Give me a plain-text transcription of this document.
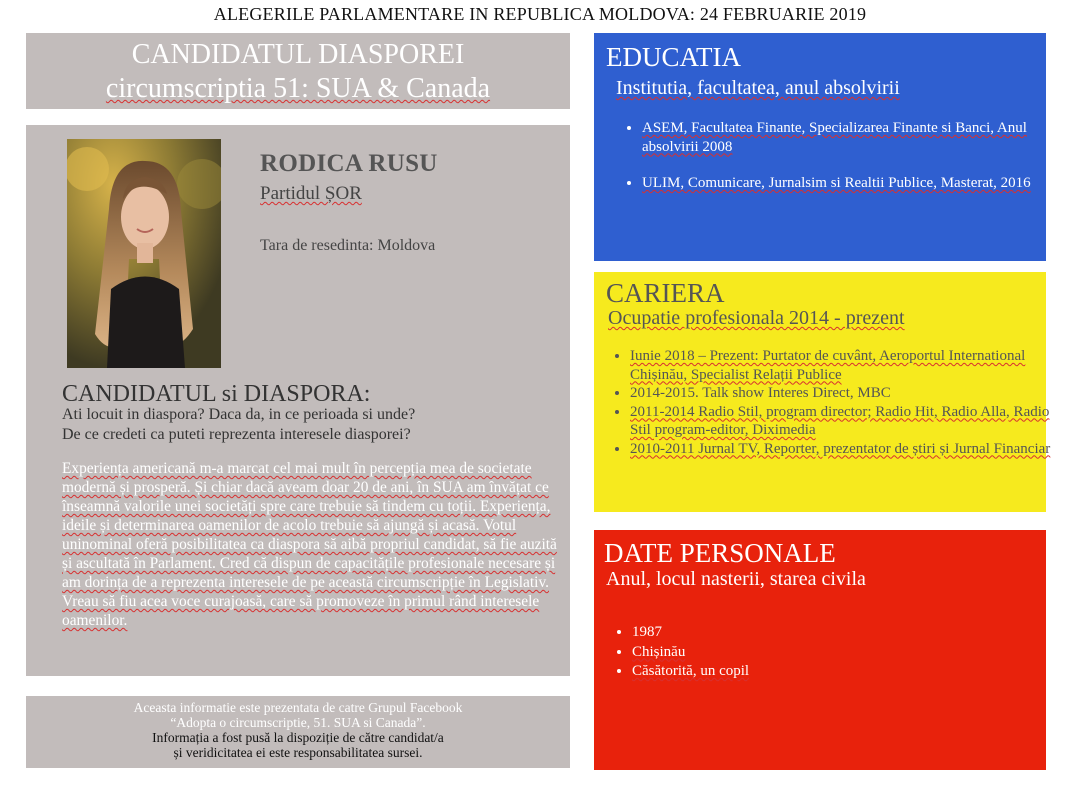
ALEGERILE PARLAMENTARE IN REPUBLICA MOLDOVA: 24 FEBRUARIE 2019
CANDIDATUL DIASPOREI
circumscriptia 51: SUA & Canada
RODICA RUSU
Partidul ȘOR
Tara de resedinta: Moldova
CANDIDATUL si DIASPORA:
Ati locuit in diaspora? Daca da, in ce perioada si unde?
De ce credeti ca puteti reprezenta interesele diasporei?

Experiența americană m-a marcat cel mai mult în percepția mea de societate modernă și prosperă. Și chiar dacă aveam doar 20 de ani, în SUA am învățat ce înseamnă valorile unei societăți spre care trebuie să tindem cu toții. Experiența, ideile și determinarea oamenilor de acolo trebuie să ajungă și acasă. Votul uninominal oferă posibilitatea ca diaspora să aibă propriul candidat, să fie auzită și ascultată în Parlament. Cred că dispun de capacitățile profesionale necesare și am dorința de a reprezenta interesele de pe această circumscripție în Legislativ. Vreau să fiu acea voce curajoasă, care să promoveze în primul rând interesele oamenilor.

Aceasta informatie este prezentata de catre Grupul Facebook
“Adopta o circumscriptie, 51. SUA si Canada”.
Informația a fost pusă la dispoziție de către candidat/a
și veridicitatea ei este responsabilitatea sursei.
EDUCATIA
Institutia, facultatea, anul absolvirii
• ASEM, Facultatea Finante, Specializarea Finante si Banci, Anul absolvirii 2008
• ULIM, Comunicare, Jurnalsim si Realtii Publice, Masterat, 2016
CARIERA
Ocupatie profesionala 2014 - prezent
• Iunie 2018 – Prezent: Purtator de cuvânt, Aeroportul International Chișinău, Specialist Relații Publice
• 2014-2015. Talk show Interes Direct, MBC
• 2011-2014 Radio Stil, program director; Radio Hit, Radio Alla, Radio Stil program-editor, Diximedia
• 2010-2011 Jurnal TV, Reporter, prezentator de știri și Jurnal Financiar
DATE PERSONALE
Anul, locul nasterii, starea civila
• 1987
• Chișinău
• Căsătorită, un copil
